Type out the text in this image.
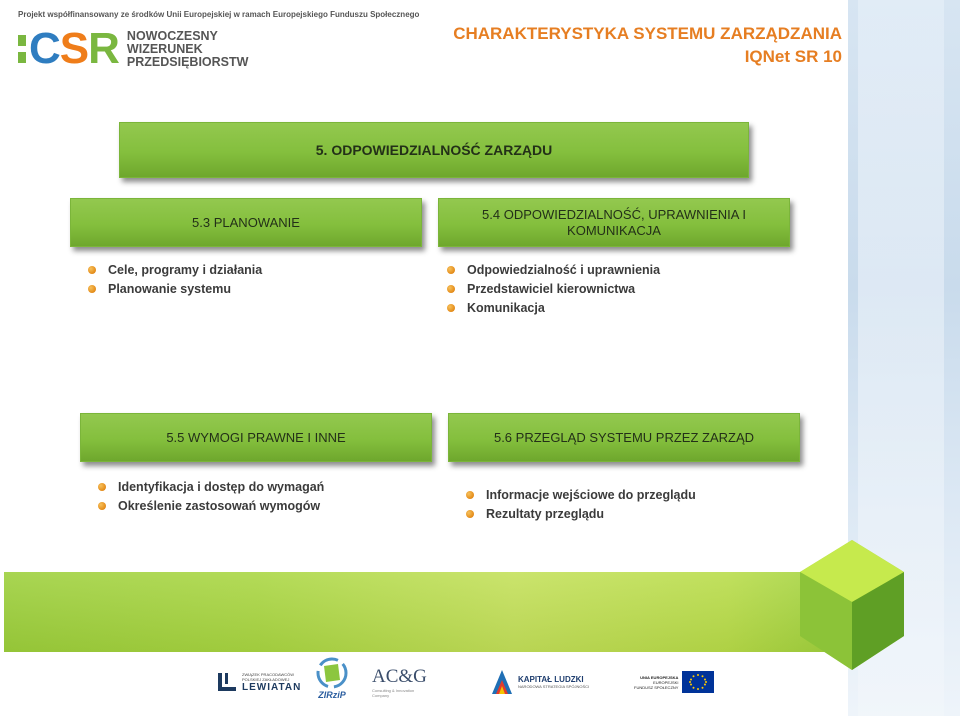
Projekt współfinansowany ze środków Unii Europejskiej w ramach Europejskiego Funduszu Społecznego
C S R NOWOCZESNY
WIZERUNEK
PRZEDSIĘBIORSTW
CHARAKTERYSTYKA SYSTEMU ZARZĄDZANIA
IQNet SR 10
5. ODPOWIEDZIALNOŚĆ ZARZĄDU
5.3 PLANOWANIE
Cele, programy i działania
Planowanie systemu
5.4 ODPOWIEDZIALNOŚĆ, UPRAWNIENIA I
KOMUNIKACJA
Odpowiedzialność i uprawnienia
Przedstawiciel kierownictwa
Komunikacja
5.5 WYMOGI PRAWNE I INNE
Identyfikacja i dostęp do wymagań
Określenie zastosowań wymogów
5.6 PRZEGLĄD SYSTEMU PRZEZ ZARZĄD
Informacje wejściowe do przeglądu
Rezultaty przeglądu
ZWIĄZEK PRACODAWCÓW POLSKIEJ ZAKŁADOWEJ
LEWIATAN
ZIRziP
AC&G
Consulting & Innovation Company
KAPITAŁ LUDZKI
NARODOWA STRATEGIA SPÓJNOŚCI
UNIA EUROPEJSKA
EUROPEJSKI
FUNDUSZ SPOŁECZNY
